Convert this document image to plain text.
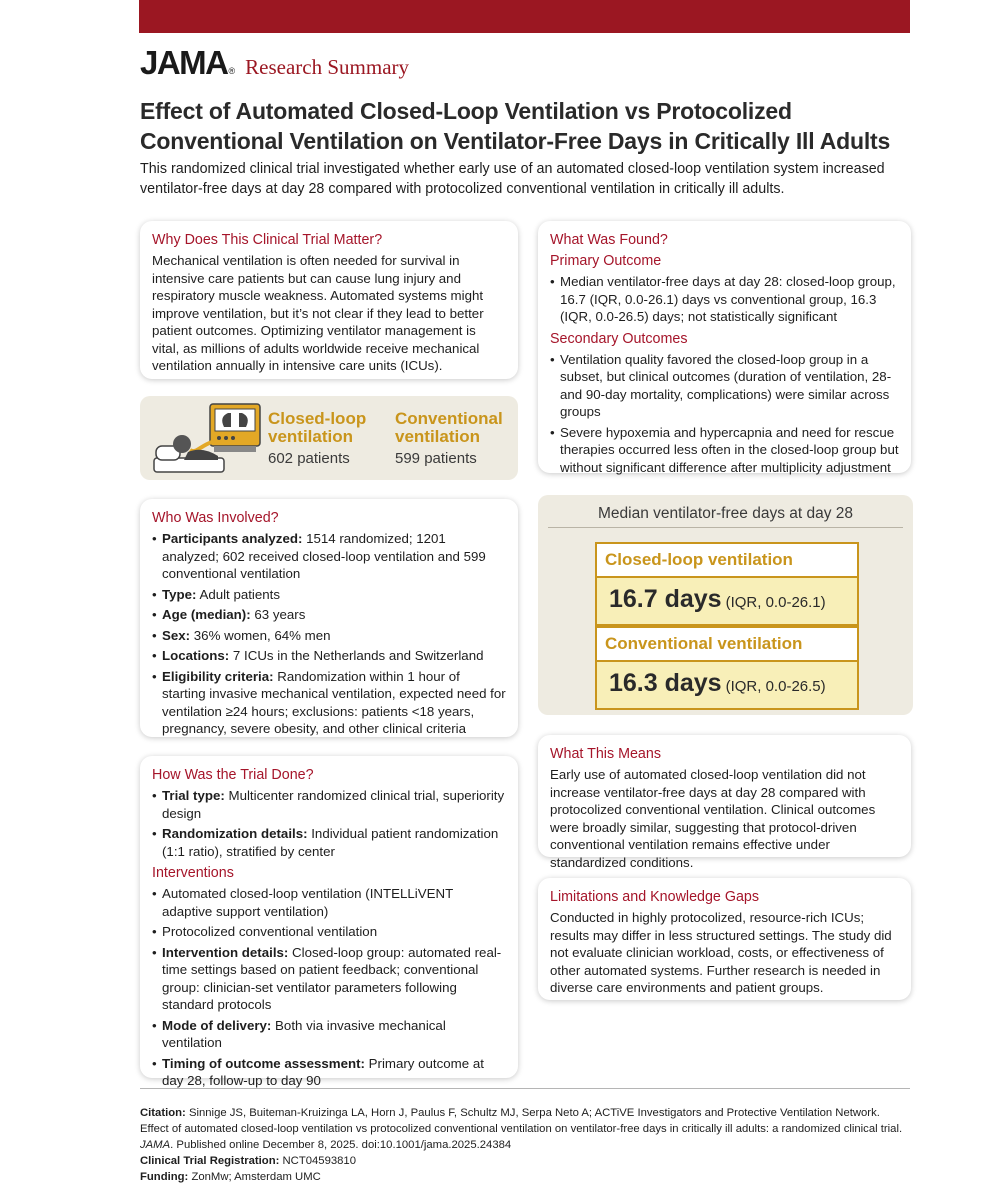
JAMA ® Research Summary
Effect of Automated Closed-Loop Ventilation vs Protocolized
Conventional Ventilation on Ventilator-Free Days in Critically Ill Adults
This randomized clinical trial investigated whether early use of an automated closed-loop ventilation system increased ventilator-free days at day 28 compared with protocolized conventional ventilation in critically ill adults.
Why Does This Clinical Trial Matter?

Mechanical ventilation is often needed for survival in intensive care patients but can cause lung injury and respiratory muscle weakness. Automated systems might improve ventilation, but it’s not clear if they lead to better patient outcomes. Optimizing ventilator management is vital, as millions of adults worldwide receive mechanical ventilation annually in intensive care units (ICUs).

Closed-loop
ventilation
602 patients
Conventional
ventilation
599 patients
Who Was Involved?
• Participants analyzed: 1514 randomized; 1201 analyzed; 602 received closed-loop ventilation and 599 conventional ventilation
• Type: Adult patients
• Age (median): 63 years
• Sex: 36% women, 64% men
• Locations: 7 ICUs in the Netherlands and Switzerland
• Eligibility criteria: Randomization within 1 hour of starting invasive mechanical ventilation, expected need for ventilation ≥24 hours; exclusions: patients <18 years, pregnancy, severe obesity, and other clinical criteria
How Was the Trial Done?
• Trial type: Multicenter randomized clinical trial, superiority design
• Randomization details: Individual patient randomization (1:1 ratio), stratified by center
Interventions
• Automated closed-loop ventilation (INTELLiVENT adaptive support ventilation)
• Protocolized conventional ventilation
• Intervention details: Closed-loop group: automated real-time settings based on patient feedback; conventional group: clinician-set ventilator parameters following standard protocols
• Mode of delivery: Both via invasive mechanical ventilation
• Timing of outcome assessment: Primary outcome at day 28, follow-up to day 90
What Was Found?
Primary Outcome
• Median ventilator-free days at day 28: closed-loop group, 16.7 (IQR, 0.0-26.1) days vs conventional group, 16.3 (IQR, 0.0-26.5) days; not statistically significant
Secondary Outcomes
• Ventilation quality favored the closed-loop group in a subset, but clinical outcomes (duration of ventilation, 28- and 90-day mortality, complications) were similar across groups
• Severe hypoxemia and hypercapnia and need for rescue therapies occurred less often in the closed-loop group but without significant difference after multiplicity adjustment
Median ventilator-free days at day 28
Closed-loop ventilation
16.7 days (IQR, 0.0-26.1)
Conventional ventilation
16.3 days (IQR, 0.0-26.5)
What This Means

Early use of automated closed-loop ventilation did not increase ventilator-free days at day 28 compared with protocolized conventional ventilation. Clinical outcomes were broadly similar, suggesting that protocol-driven conventional ventilation remains effective under standardized conditions.

Limitations and Knowledge Gaps

Conducted in highly protocolized, resource-rich ICUs; results may differ in less structured settings. The study did not evaluate clinician workload, costs, or effectiveness of other automated systems. Further research is needed in diverse care environments and patient groups.

Citation: Sinnige JS, Buiteman-Kruizinga LA, Horn J, Paulus F, Schultz MJ, Serpa Neto A; ACTiVE Investigators and Protective Ventilation Network. Effect of automated closed-loop ventilation vs protocolized conventional ventilation on ventilator-free days in critically ill adults: a randomized clinical trial. JAMA. Published online December 8, 2025. doi:10.1001/jama.2025.24384
Clinical Trial Registration: NCT04593810
Funding: ZonMw; Amsterdam UMC
